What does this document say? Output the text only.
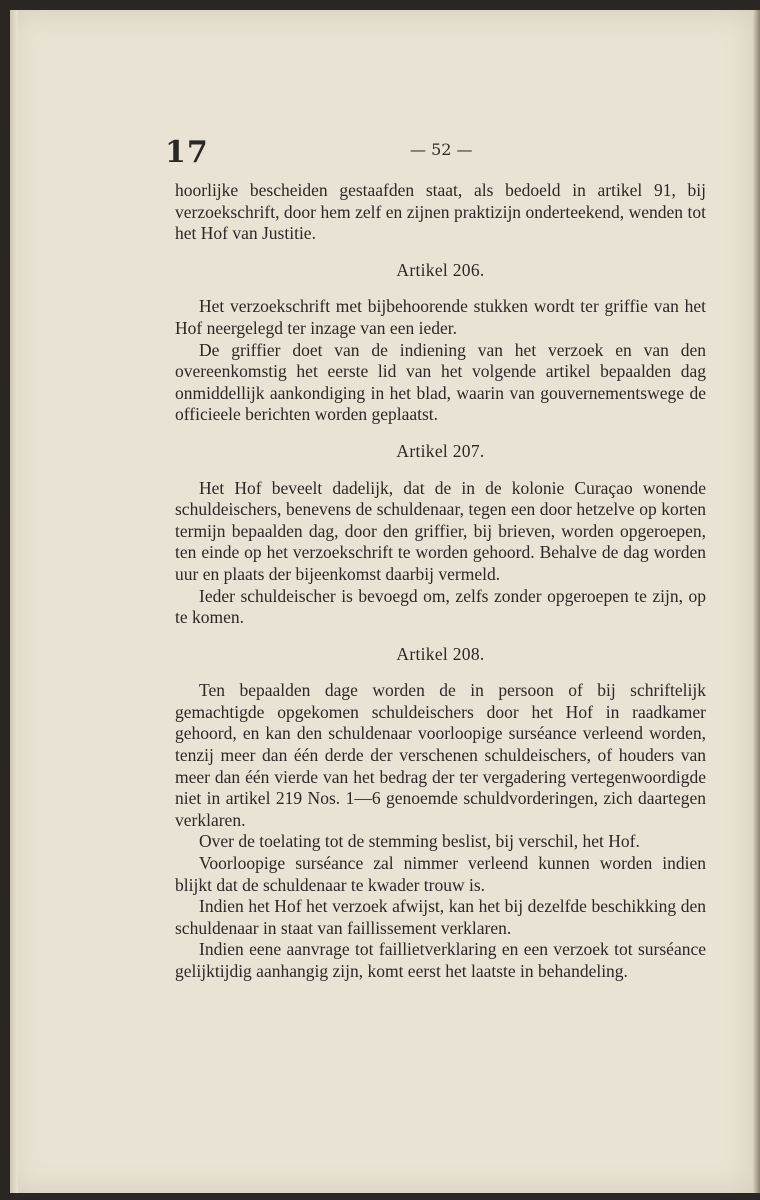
17	— 52 —

hoorlijke bescheiden gestaafden staat, als bedoeld in artikel 91, bij verzoekschrift, door hem zelf en zijnen praktizijn onderteekend, wenden tot het Hof van Justitie.

Artikel 206.

Het verzoekschrift met bijbehoorende stukken wordt ter griffie van het Hof neergelegd ter inzage van een ieder.

De griffier doet van de indiening van het verzoek en van den overeenkomstig het eerste lid van het volgende artikel bepaalden dag onmiddellijk aankondiging in het blad, waarin van gouvernementswege de officieele berichten worden geplaatst.

Artikel 207.

Het Hof beveelt dadelijk, dat de in de kolonie Curaçao wonende schuldeischers, benevens de schuldenaar, tegen een door hetzelve op korten termijn bepaalden dag, door den griffier, bij brieven, worden opgeroepen, ten einde op het verzoekschrift te worden gehoord. Behalve de dag worden uur en plaats der bijeenkomst daarbij vermeld.

Ieder schuldeischer is bevoegd om, zelfs zonder opgeroepen te zijn, op te komen.

Artikel 208.

Ten bepaalden dage worden de in persoon of bij schriftelijk gemachtigde opgekomen schuldeischers door het Hof in raadkamer gehoord, en kan den schuldenaar voorloopige surséance verleend worden, tenzij meer dan één derde der verschenen schuldeischers, of houders van meer dan één vierde van het bedrag der ter vergadering vertegenwoordigde niet in artikel 219 Nos. 1—6 genoemde schuldvorderingen, zich daartegen verklaren.

Over de toelating tot de stemming beslist, bij verschil, het Hof.

Voorloopige surséance zal nimmer verleend kunnen worden indien blijkt dat de schuldenaar te kwader trouw is.

Indien het Hof het verzoek afwijst, kan het bij dezelfde beschikking den schuldenaar in staat van faillissement verklaren.

Indien eene aanvrage tot faillietverklaring en een verzoek tot surséance gelijktijdig aanhangig zijn, komt eerst het laatste in behandeling.
